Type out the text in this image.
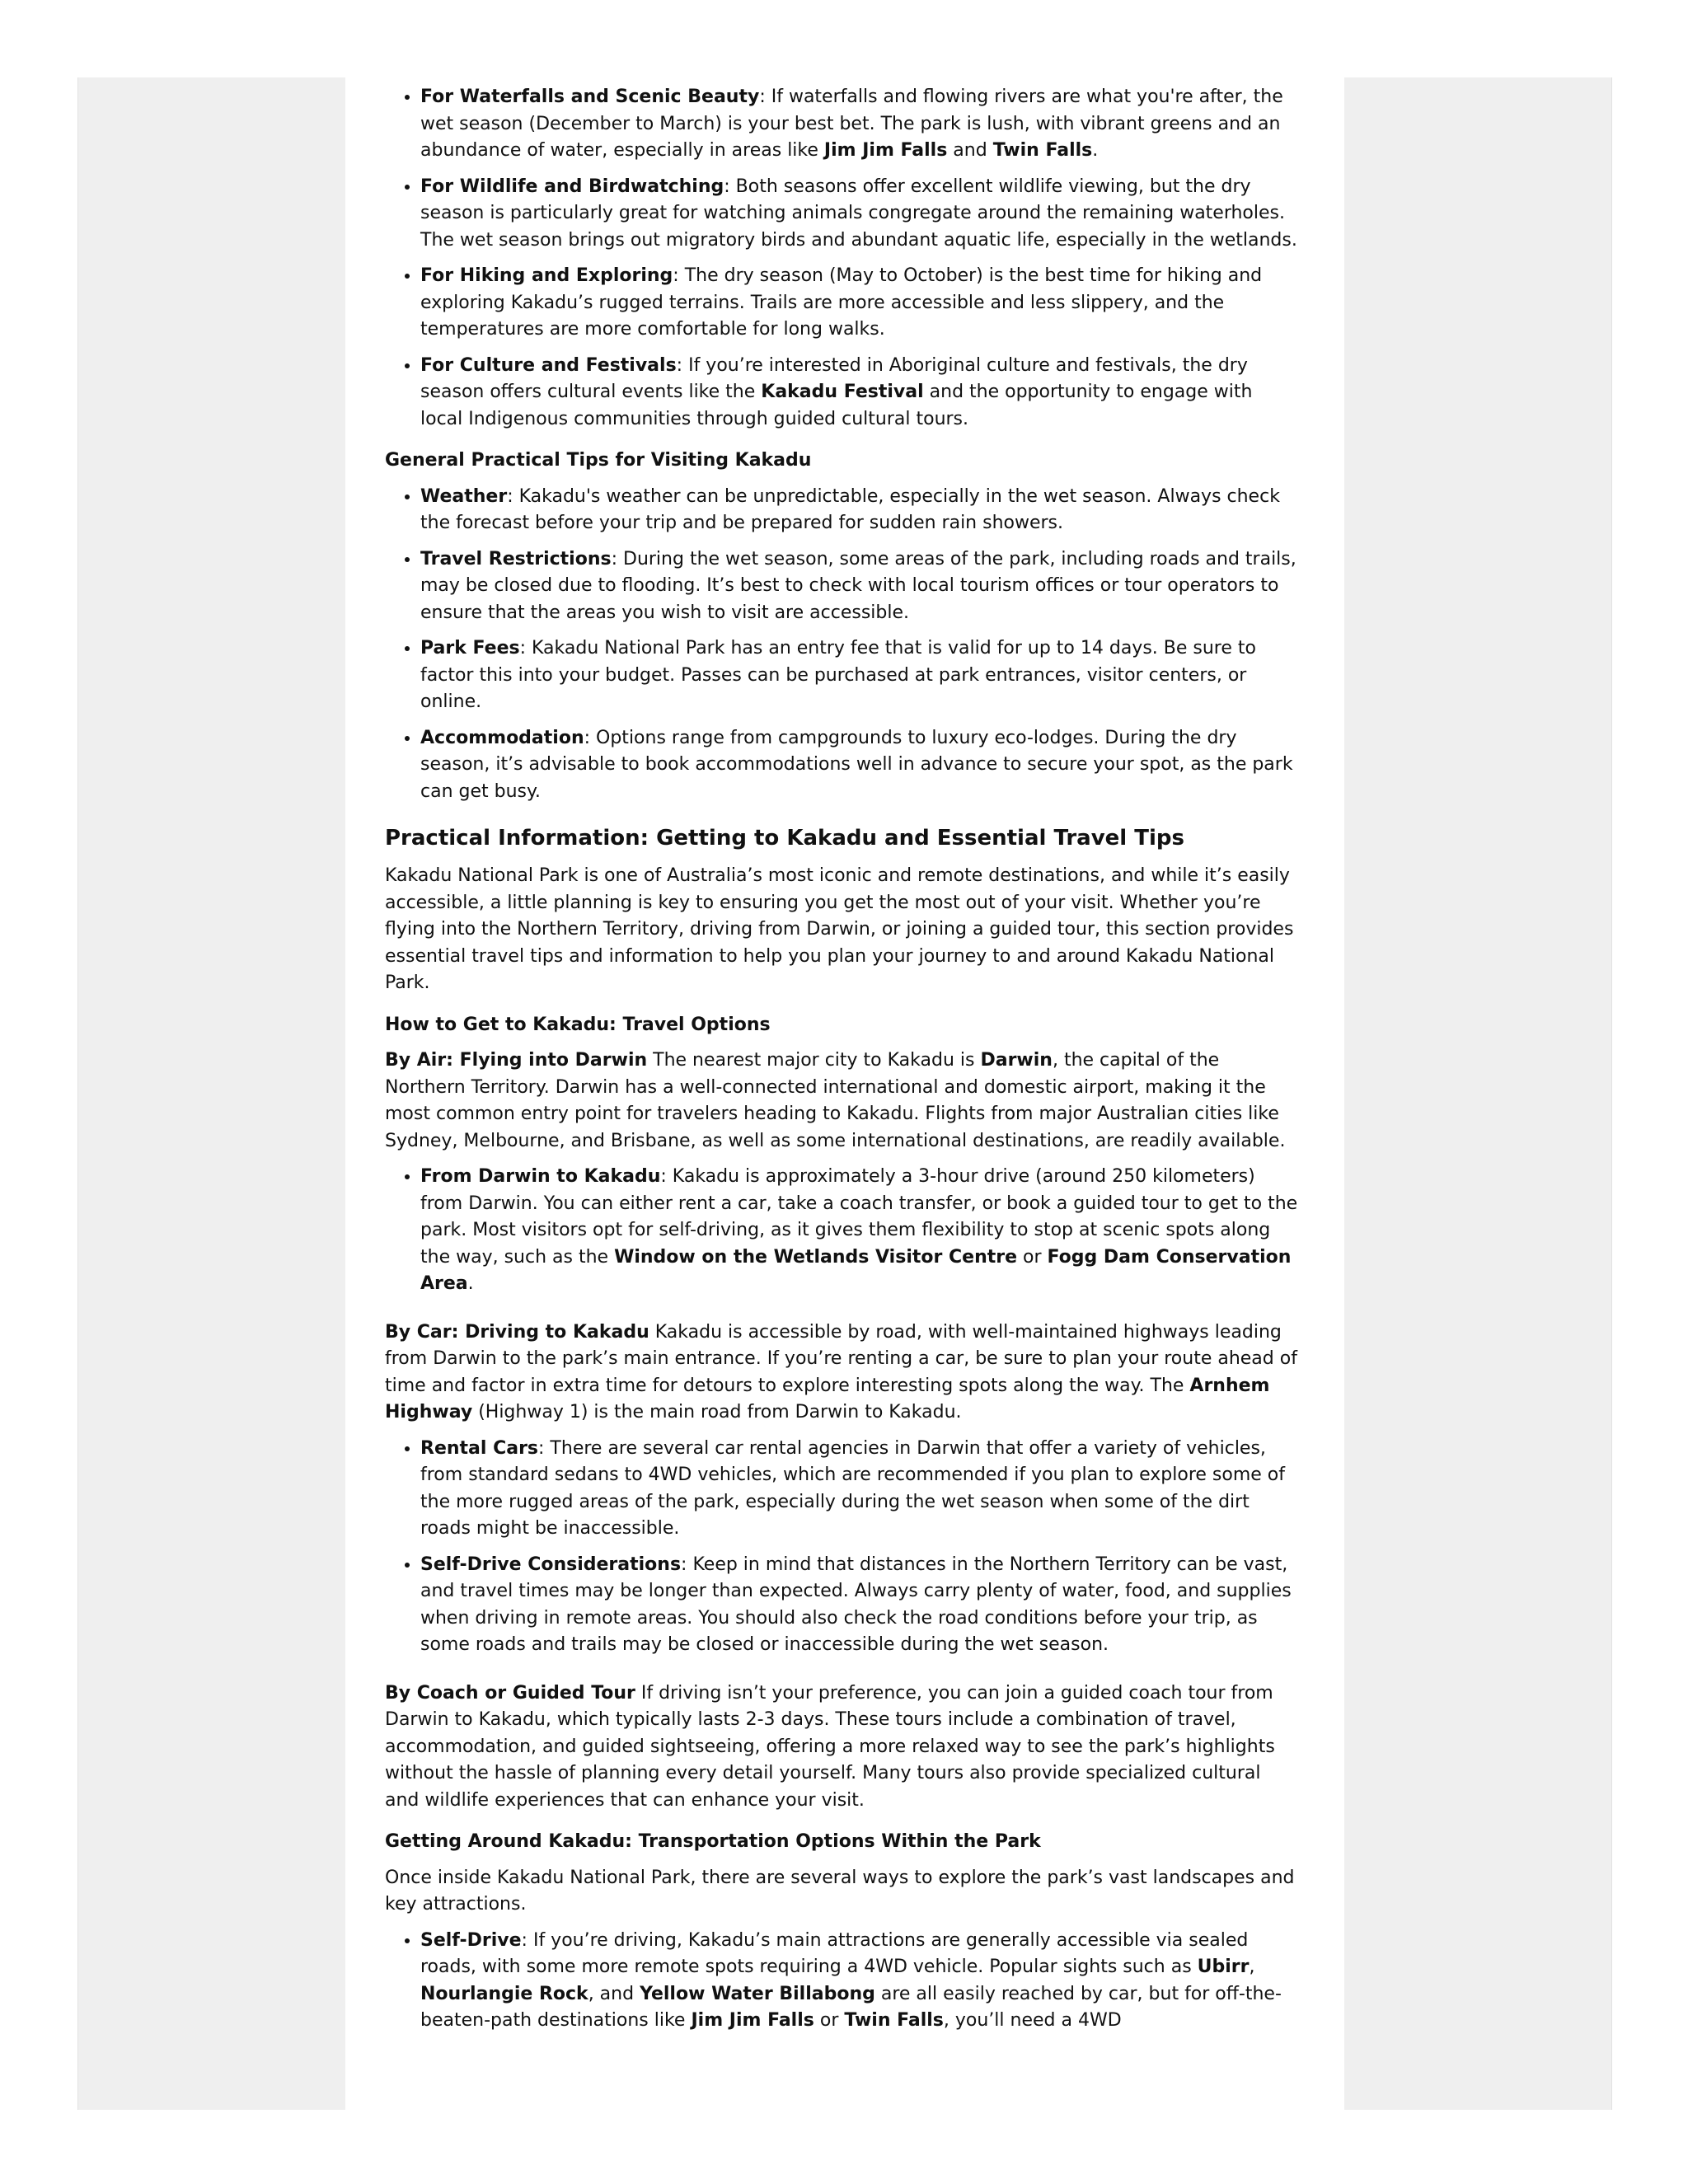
• For Waterfalls and Scenic Beauty: If waterfalls and flowing rivers are what you're after, the wet season (December to March) is your best bet. The park is lush, with vibrant greens and an abundance of water, especially in areas like Jim Jim Falls and Twin Falls.
• For Wildlife and Birdwatching: Both seasons offer excellent wildlife viewing, but the dry season is particularly great for watching animals congregate around the remaining waterholes. The wet season brings out migratory birds and abundant aquatic life, especially in the wetlands.
• For Hiking and Exploring: The dry season (May to October) is the best time for hiking and exploring Kakadu’s rugged terrains. Trails are more accessible and less slippery, and the temperatures are more comfortable for long walks.
• For Culture and Festivals: If you’re interested in Aboriginal culture and festivals, the dry season offers cultural events like the Kakadu Festival and the opportunity to engage with local Indigenous communities through guided cultural tours.
General Practical Tips for Visiting Kakadu
• Weather: Kakadu's weather can be unpredictable, especially in the wet season. Always check the forecast before your trip and be prepared for sudden rain showers.
• Travel Restrictions: During the wet season, some areas of the park, including roads and trails, may be closed due to flooding. It’s best to check with local tourism offices or tour operators to ensure that the areas you wish to visit are accessible.
• Park Fees: Kakadu National Park has an entry fee that is valid for up to 14 days. Be sure to factor this into your budget. Passes can be purchased at park entrances, visitor centers, or online.
• Accommodation: Options range from campgrounds to luxury eco-lodges. During the dry season, it’s advisable to book accommodations well in advance to secure your spot, as the park can get busy.
Practical Information: Getting to Kakadu and Essential Travel Tips

Kakadu National Park is one of Australia’s most iconic and remote destinations, and while it’s easily accessible, a little planning is key to ensuring you get the most out of your visit. Whether you’re flying into the Northern Territory, driving from Darwin, or joining a guided tour, this section provides essential travel tips and information to help you plan your journey to and around Kakadu National Park.

How to Get to Kakadu: Travel Options

By Air: Flying into Darwin The nearest major city to Kakadu is Darwin, the capital of the Northern Territory. Darwin has a well-connected international and domestic airport, making it the most common entry point for travelers heading to Kakadu. Flights from major Australian cities like Sydney, Melbourne, and Brisbane, as well as some international destinations, are readily available.

• From Darwin to Kakadu: Kakadu is approximately a 3-hour drive (around 250 kilometers) from Darwin. You can either rent a car, take a coach transfer, or book a guided tour to get to the park. Most visitors opt for self-driving, as it gives them flexibility to stop at scenic spots along the way, such as the Window on the Wetlands Visitor Centre or Fogg Dam Conservation Area.

By Car: Driving to Kakadu Kakadu is accessible by road, with well-maintained highways leading from Darwin to the park’s main entrance. If you’re renting a car, be sure to plan your route ahead of time and factor in extra time for detours to explore interesting spots along the way. The Arnhem Highway (Highway 1) is the main road from Darwin to Kakadu.

• Rental Cars: There are several car rental agencies in Darwin that offer a variety of vehicles, from standard sedans to 4WD vehicles, which are recommended if you plan to explore some of the more rugged areas of the park, especially during the wet season when some of the dirt roads might be inaccessible.
• Self-Drive Considerations: Keep in mind that distances in the Northern Territory can be vast, and travel times may be longer than expected. Always carry plenty of water, food, and supplies when driving in remote areas. You should also check the road conditions before your trip, as some roads and trails may be closed or inaccessible during the wet season.

By Coach or Guided Tour If driving isn’t your preference, you can join a guided coach tour from Darwin to Kakadu, which typically lasts 2-3 days. These tours include a combination of travel, accommodation, and guided sightseeing, offering a more relaxed way to see the park’s highlights without the hassle of planning every detail yourself. Many tours also provide specialized cultural and wildlife experiences that can enhance your visit.

Getting Around Kakadu: Transportation Options Within the Park

Once inside Kakadu National Park, there are several ways to explore the park’s vast landscapes and key attractions.

• Self-Drive: If you’re driving, Kakadu’s main attractions are generally accessible via sealed roads, with some more remote spots requiring a 4WD vehicle. Popular sights such as Ubirr, Nourlangie Rock, and Yellow Water Billabong are all easily reached by car, but for off-the-beaten-path destinations like Jim Jim Falls or Twin Falls, you’ll need a 4WD
